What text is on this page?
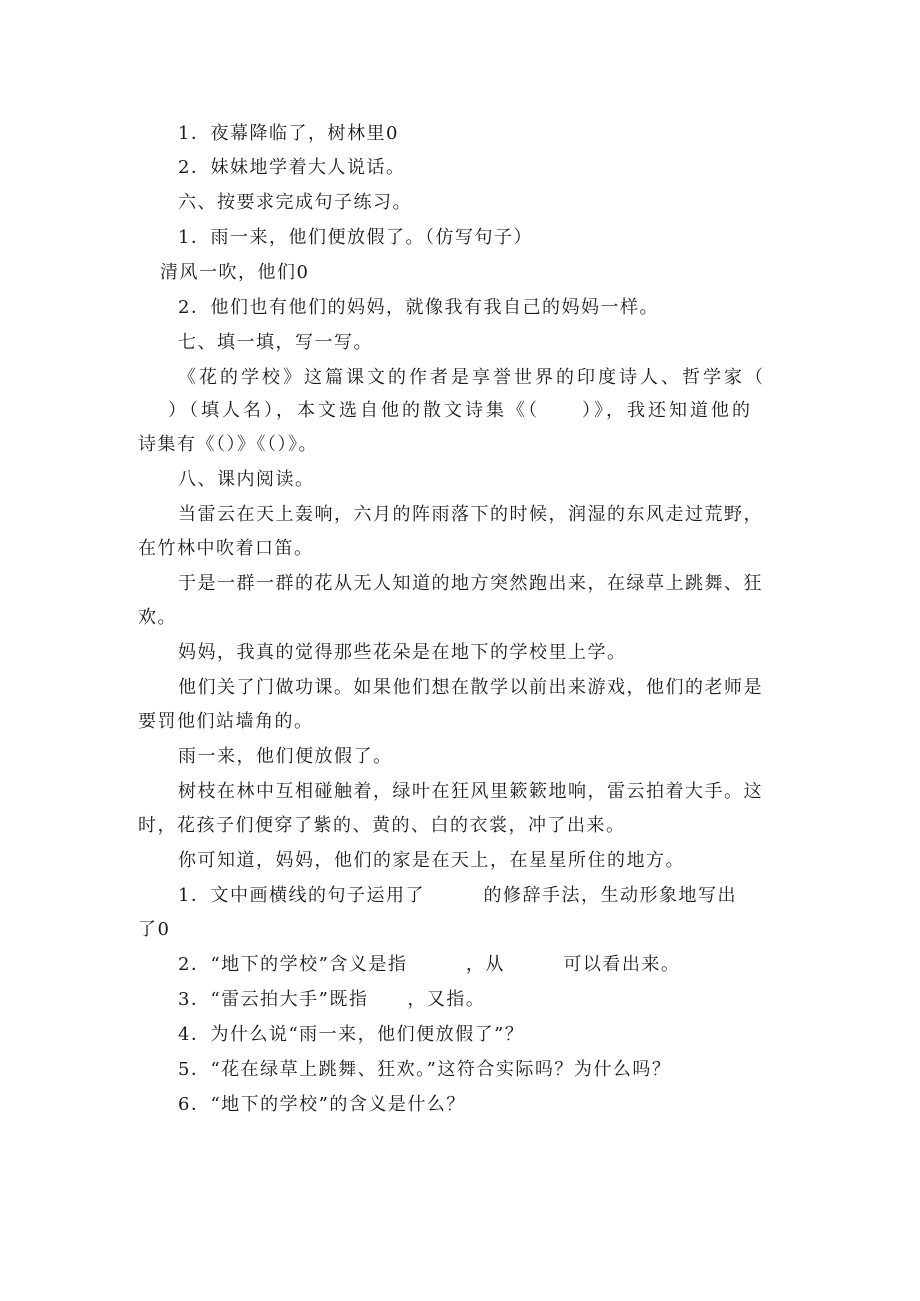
1．夜幕降临了，树林里0
2．妹妹地学着大人说话。
六、按要求完成句子练习。
1．雨一来，他们便放假了。（仿写句子）
清风一吹，他们0
2．他们也有他们的妈妈，就像我有我自己的妈妈一样。
七、填一填，写一写。
《花的学校》这篇课文的作者是享誉世界的印度诗人、哲学家（
）（填人名），本文选自他的散文诗集《（　　）》，我还知道他的
诗集有《（）》《（）》。
八、课内阅读。
当雷云在天上轰响，六月的阵雨落下的时候，润湿的东风走过荒野，
在竹林中吹着口笛。
于是一群一群的花从无人知道的地方突然跑出来，在绿草上跳舞、狂
欢。
妈妈，我真的觉得那些花朵是在地下的学校里上学。
他们关了门做功课。如果他们想在散学以前出来游戏，他们的老师是
要罚他们站墙角的。
雨一来，他们便放假了。
树枝在林中互相碰触着，绿叶在狂风里簌簌地响，雷云拍着大手。这
时，花孩子们便穿了紫的、黄的、白的衣裳，冲了出来。
你可知道，妈妈，他们的家是在天上，在星星所住的地方。
1．文中画横线的句子运用了　　　的修辞手法，生动形象地写出
了0
2．“地下的学校”含义是指　　　，从　　　可以看出来。
3．“雷云拍大手”既指　　，又指。
4．为什么说“雨一来，他们便放假了”？
5．“花在绿草上跳舞、狂欢。”这符合实际吗？为什么吗？
6．“地下的学校”的含义是什么？
